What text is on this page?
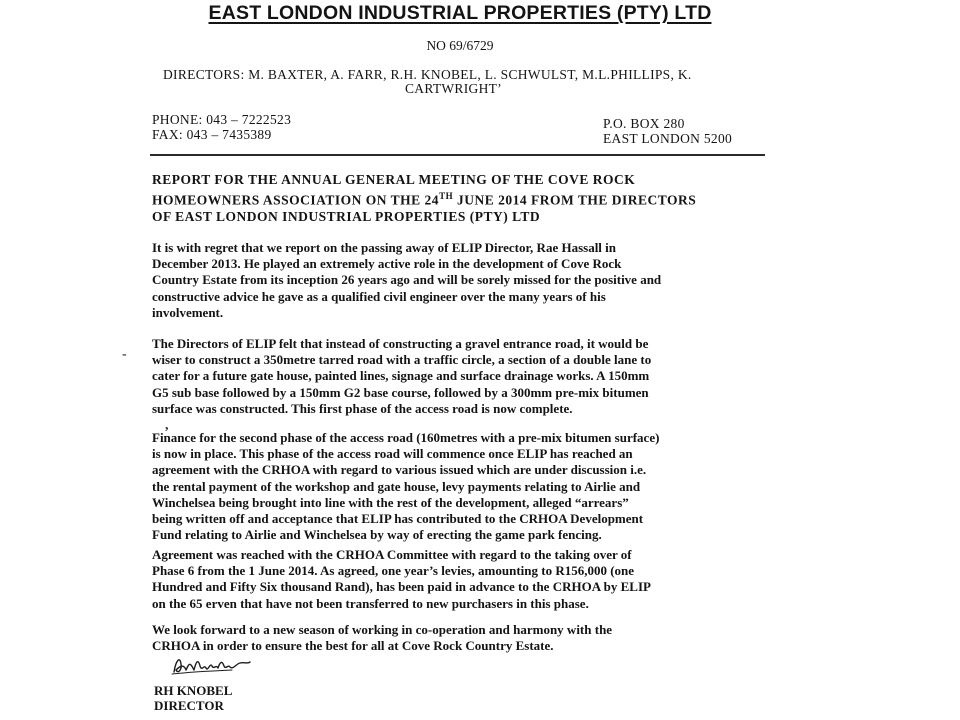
EAST LONDON INDUSTRIAL PROPERTIES (PTY) LTD
NO 69/6729
DIRECTORS: M. BAXTER, A. FARR, R.H. KNOBEL, L. SCHWULST, M.L.PHILLIPS, K.
CARTWRIGHT’
PHONE: 043 – 7222523
FAX: 043 – 7435389
P.O. BOX 280
EAST LONDON 5200
REPORT FOR THE ANNUAL GENERAL MEETING OF THE COVE ROCK
HOMEOWNERS ASSOCIATION ON THE 24TH JUNE 2014 FROM THE DIRECTORS
OF EAST LONDON INDUSTRIAL PROPERTIES (PTY) LTD
It is with regret that we report on the passing away of ELIP Director, Rae Hassall in
December 2013. He played an extremely active role in the development of Cove Rock
Country Estate from its inception 26 years ago and will be sorely missed for the positive and
constructive advice he gave as a qualified civil engineer over the many years of his
involvement.
The Directors of ELIP felt that instead of constructing a gravel entrance road, it would be
wiser to construct a 350metre tarred road with a traffic circle, a section of a double lane to
cater for a future gate house, painted lines, signage and surface drainage works. A 150mm
G5 sub base followed by a 150mm G2 base course, followed by a 300mm pre-mix bitumen
surface was constructed. This first phase of the access road is now complete.
Finance for the second phase of the access road (160metres with a pre-mix bitumen surface)
is now in place. This phase of the access road will commence once ELIP has reached an
agreement with the CRHOA with regard to various issued which are under discussion i.e.
the rental payment of the workshop and gate house, levy payments relating to Airlie and
Winchelsea being brought into line with the rest of the development, alleged “arrears”
being written off and acceptance that ELIP has contributed to the CRHOA Development
Fund relating to Airlie and Winchelsea by way of erecting the game park fencing.
Agreement was reached with the CRHOA Committee with regard to the taking over of
Phase 6 from the 1 June 2014. As agreed, one year’s levies, amounting to R156,000 (one
Hundred and Fifty Six thousand Rand), has been paid in advance to the CRHOA by ELIP
on the 65 erven that have not been transferred to new purchasers in this phase.
We look forward to a new season of working in co-operation and harmony with the
CRHOA in order to ensure the best for all at Cove Rock Country Estate.
-
,
RH KNOBEL
DIRECTOR
